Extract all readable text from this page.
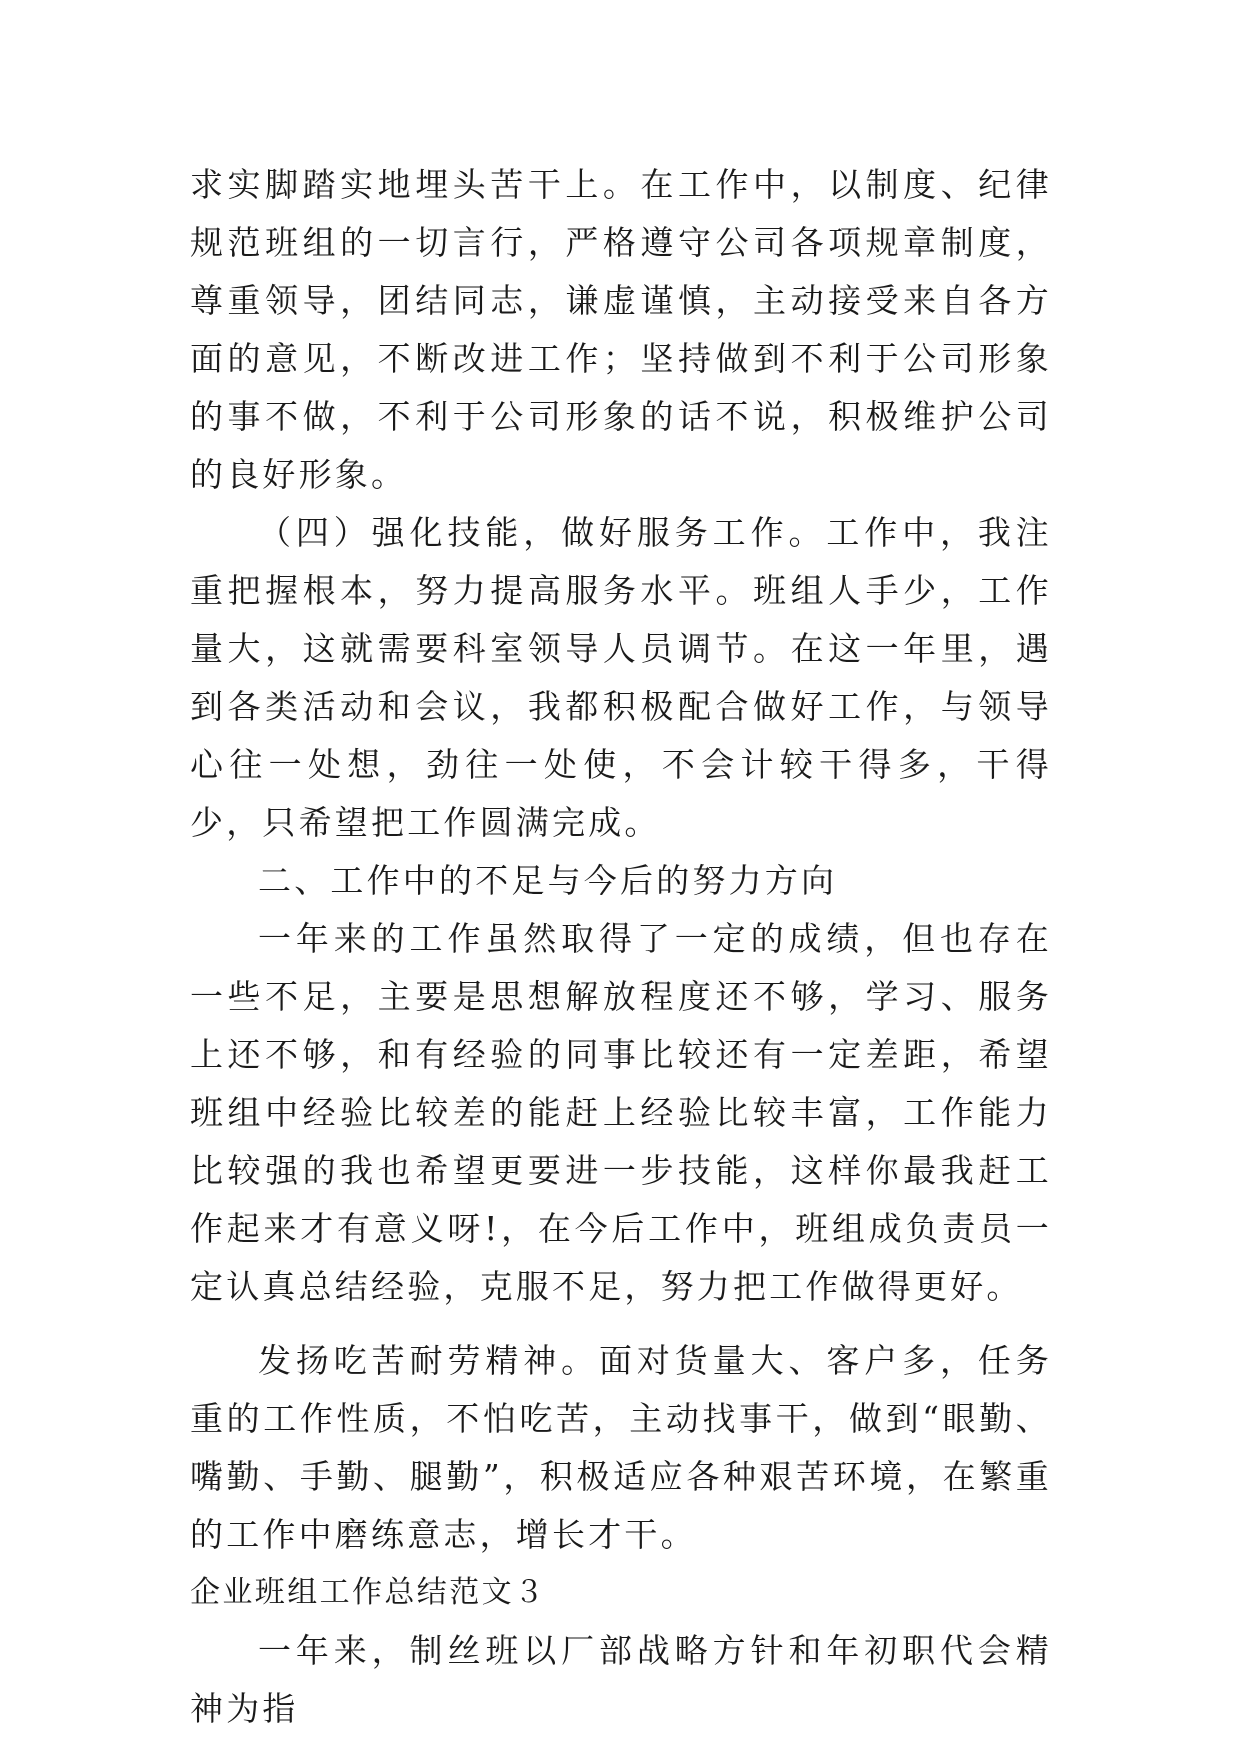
求实脚踏实地埋头苦干上。在工作中，以制度、纪律规范班组的一切言行，严格遵守公司各项规章制度，尊重领导，团结同志，谦虚谨慎，主动接受来自各方面的意见，不断改进工作；坚持做到不利于公司形象的事不做，不利于公司形象的话不说，积极维护公司的良好形象。

（四）强化技能，做好服务工作。工作中，我注重把握根本，努力提高服务水平。班组人手少，工作量大，这就需要科室领导人员调节。在这一年里，遇到各类活动和会议，我都积极配合做好工作，与领导心往一处想，劲往一处使，不会计较干得多，干得少，只希望把工作圆满完成。

二、工作中的不足与今后的努力方向

一年来的工作虽然取得了一定的成绩，但也存在一些不足，主要是思想解放程度还不够，学习、服务上还不够，和有经验的同事比较还有一定差距，希望班组中经验比较差的能赶上经验比较丰富，工作能力比较强的我也希望更要进一步技能，这样你最我赶工作起来才有意义呀!，在今后工作中，班组成负责员一定认真总结经验，克服不足，努力把工作做得更好。

发扬吃苦耐劳精神。面对货量大、客户多，任务重的工作性质，不怕吃苦，主动找事干，做到“眼勤、嘴勤、手勤、腿勤”，积极适应各种艰苦环境，在繁重的工作中磨练意志，增长才干。

企业班组工作总结范文３

一年来，制丝班以厂部战略方针和年初职代会精神为指
